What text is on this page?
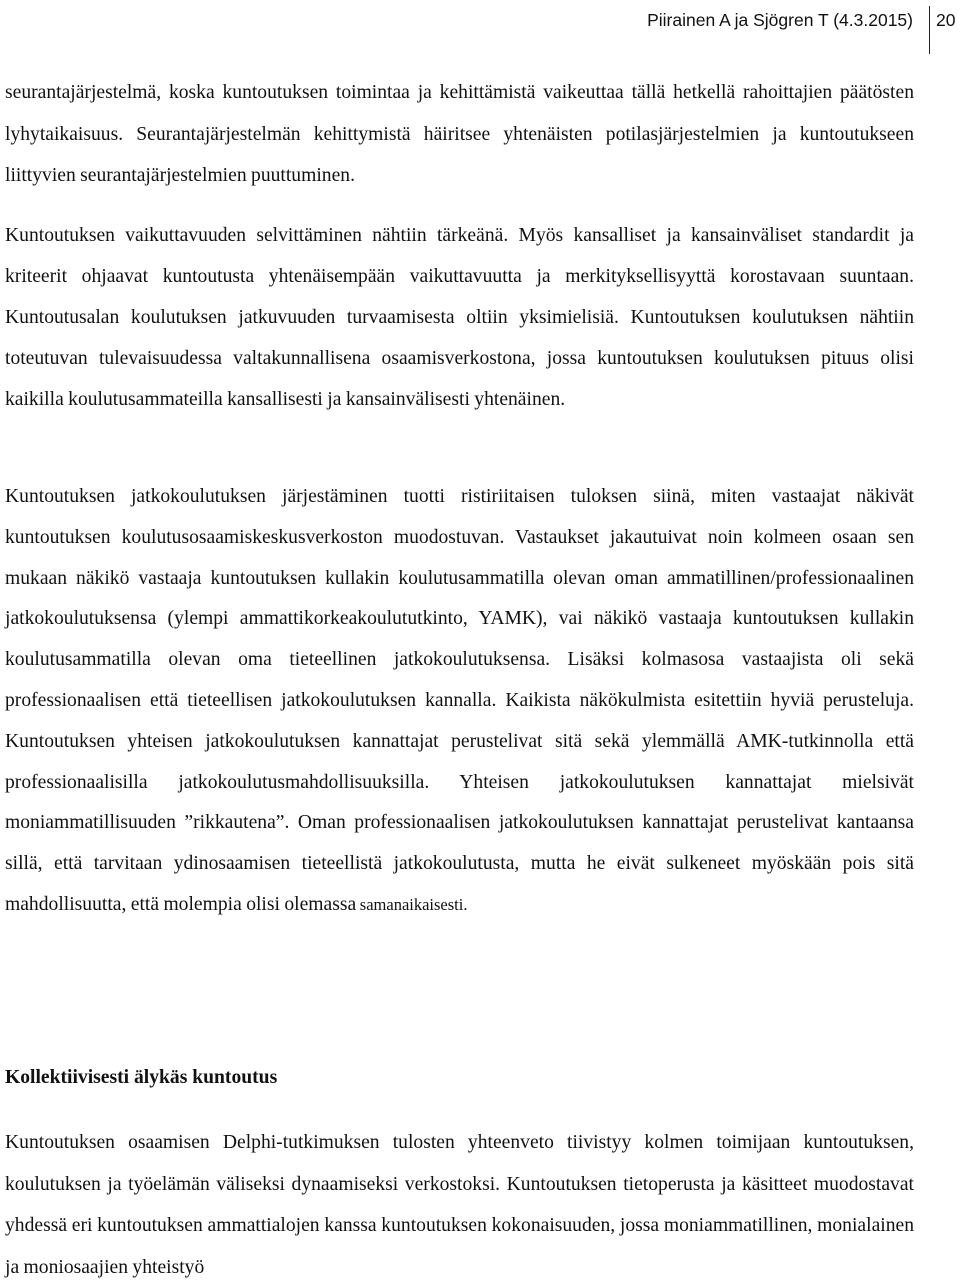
Piirainen A ja Sjögren T (4.3.2015) 20

seurantajärjestelmä, koska kuntoutuksen toimintaa ja kehittämistä vaikeuttaa tällä hetkellä rahoittajien päätösten lyhytaikaisuus. Seurantajärjestelmän kehittymistä häiritsee yhtenäisten potilasjärjestelmien ja kuntoutukseen liittyvien seurantajärjestelmien puuttuminen.

Kuntoutuksen vaikuttavuuden selvittäminen nähtiin tärkeänä. Myös kansalliset ja kansainväliset standardit ja kriteerit ohjaavat kuntoutusta yhtenäisempään vaikuttavuutta ja merkityksellisyyttä korostavaan suuntaan. Kuntoutusalan koulutuksen jatkuvuuden turvaamisesta oltiin yksimielisiä. Kuntoutuksen koulutuksen nähtiin toteutuvan tulevaisuudessa valtakunnallisena osaamisverkostona, jossa kuntoutuksen koulutuksen pituus olisi kaikilla koulutusammateilla kansallisesti ja kansainvälisesti yhtenäinen.

Kuntoutuksen jatkokoulutuksen järjestäminen tuotti ristiriitaisen tuloksen siinä, miten vastaajat näkivät kuntoutuksen koulutusosaamiskeskusverkoston muodostuvan. Vastaukset jakautuivat noin kolmeen osaan sen mukaan näkikö vastaaja kuntoutuksen kullakin koulutusammatilla olevan oman ammatillinen/professionaalinen jatkokoulutuksensa (ylempi ammattikorkeakoulututkinto, YAMK), vai näkikö vastaaja kuntoutuksen kullakin koulutusammatilla olevan oma tieteellinen jatkokoulutuksensa. Lisäksi kolmasosa vastaajista oli sekä professionaalisen että tieteellisen jatkokoulutuksen kannalla. Kaikista näkökulmista esitettiin hyviä perusteluja. Kuntoutuksen yhteisen jatkokoulutuksen kannattajat perustelivat sitä sekä ylemmällä AMK-tutkinnolla että professionaalisilla jatkokoulutusmahdollisuuksilla. Yhteisen jatkokoulutuksen kannattajat mielsivät moniammatillisuuden ”rikkautena”. Oman professionaalisen jatkokoulutuksen kannattajat perustelivat kantaansa sillä, että tarvitaan ydinosaamisen tieteellistä jatkokoulutusta, mutta he eivät sulkeneet myöskään pois sitä mahdollisuutta, että molempia olisi olemassa samanaikaisesti.

Kollektiivisesti älykäs kuntoutus

Kuntoutuksen osaamisen Delphi-tutkimuksen tulosten yhteenveto tiivistyy kolmen toimijaan kuntoutuksen, koulutuksen ja työelämän väliseksi dynaamiseksi verkostoksi. Kuntoutuksen tietoperusta ja käsitteet muodostavat yhdessä eri kuntoutuksen ammattialojen kanssa kuntoutuksen kokonaisuuden, jossa moniammatillinen, monialainen ja moniosaajien yhteistyö
